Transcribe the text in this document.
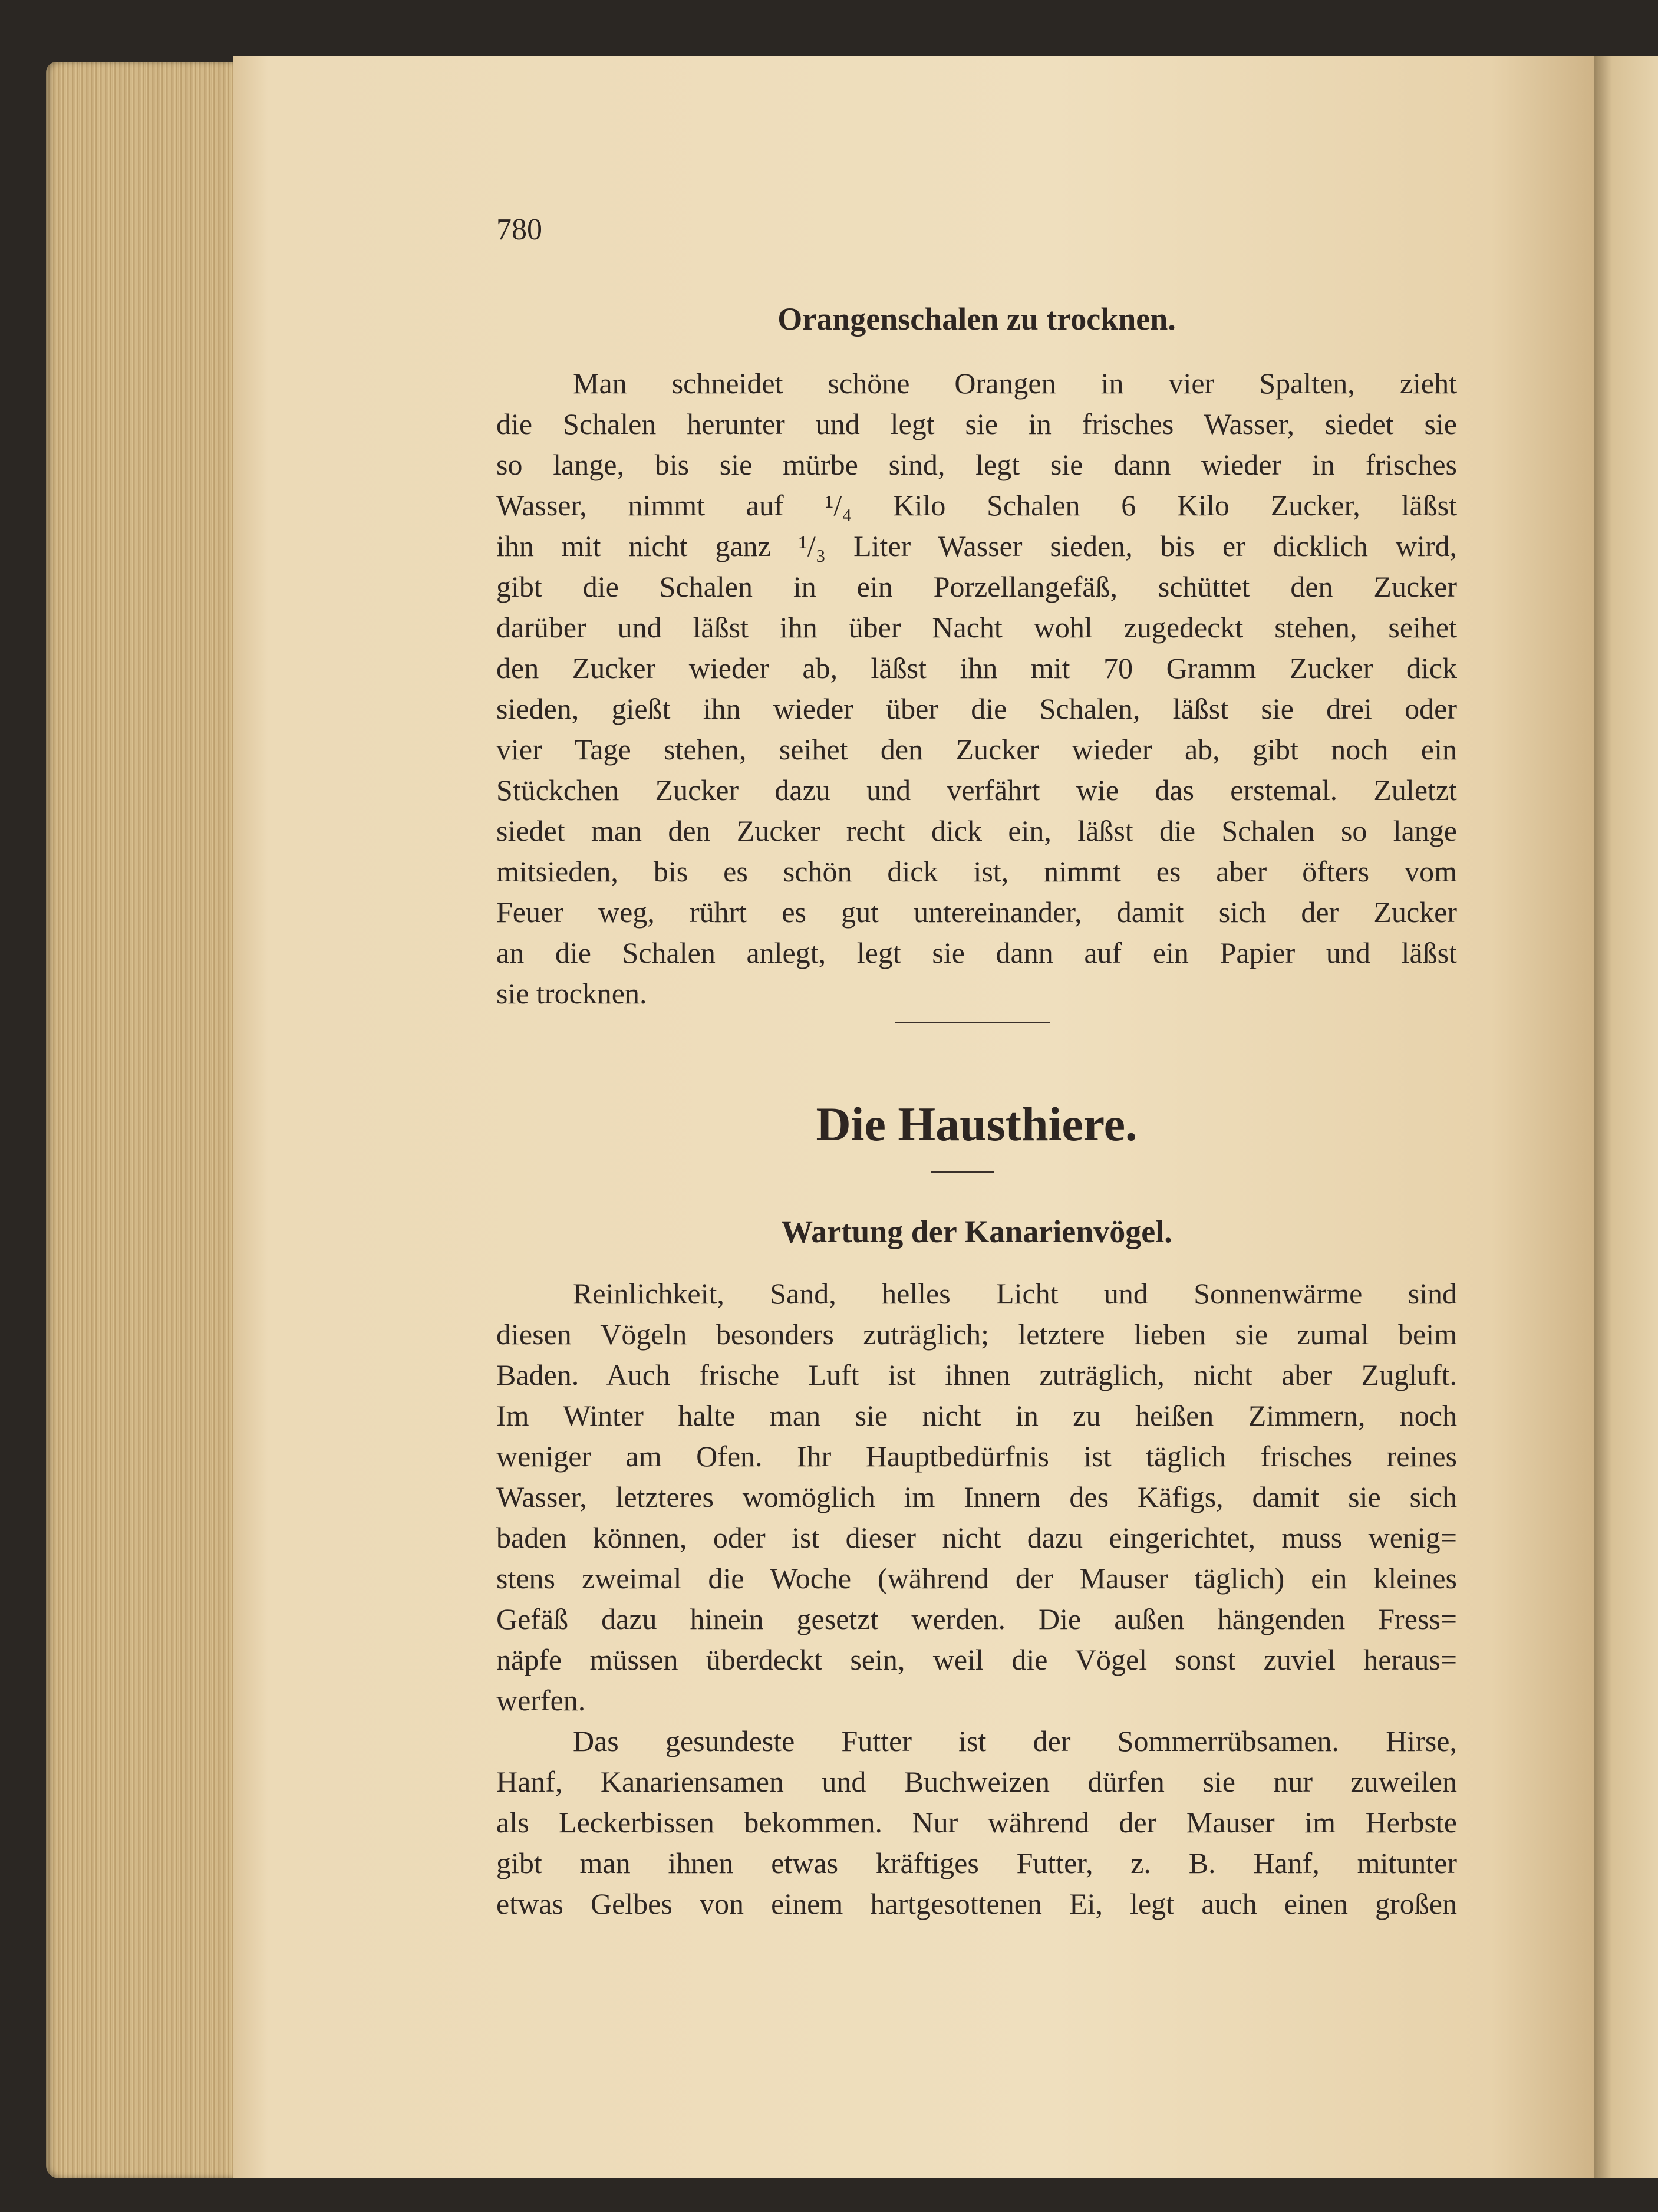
780
Orangenschalen zu trocknen.
Man schneidet schöne Orangen in vier Spalten, zieht
die Schalen herunter und legt sie in frisches Wasser, siedet sie
so lange, bis sie mürbe sind, legt sie dann wieder in frisches
Wasser, nimmt auf ¹/₄ Kilo Schalen 6 Kilo Zucker, läßst
ihn mit nicht ganz ¹/₃ Liter Wasser sieden, bis er dicklich wird,
gibt die Schalen in ein Porzellangefäß, schüttet den Zucker
darüber und läßst ihn über Nacht wohl zugedeckt stehen, seihet
den Zucker wieder ab, läßst ihn mit 70 Gramm Zucker dick
sieden, gießt ihn wieder über die Schalen, läßst sie drei oder
vier Tage stehen, seihet den Zucker wieder ab, gibt noch ein
Stückchen Zucker dazu und verfährt wie das erstemal. Zuletzt
siedet man den Zucker recht dick ein, läßst die Schalen so lange
mitsieden, bis es schön dick ist, nimmt es aber öfters vom
Feuer weg, rührt es gut untereinander, damit sich der Zucker
an die Schalen anlegt, legt sie dann auf ein Papier und läßst
sie trocknen.
Die Hausthiere.
Wartung der Kanarienvögel.
Reinlichkeit, Sand, helles Licht und Sonnenwärme sind
diesen Vögeln besonders zuträglich; letztere lieben sie zumal beim
Baden. Auch frische Luft ist ihnen zuträglich, nicht aber Zugluft.
Im Winter halte man sie nicht in zu heißen Zimmern, noch
weniger am Ofen. Ihr Hauptbedürfnis ist täglich frisches reines
Wasser, letzteres womöglich im Innern des Käfigs, damit sie sich
baden können, oder ist dieser nicht dazu eingerichtet, muss wenig=
stens zweimal die Woche (während der Mauser täglich) ein kleines
Gefäß dazu hinein gesetzt werden. Die außen hängenden Fress=
näpfe müssen überdeckt sein, weil die Vögel sonst zuviel heraus=
werfen.
Das gesundeste Futter ist der Sommerrübsamen. Hirse,
Hanf, Kanariensamen und Buchweizen dürfen sie nur zuweilen
als Leckerbissen bekommen. Nur während der Mauser im Herbste
gibt man ihnen etwas kräftiges Futter, z. B. Hanf, mitunter
etwas Gelbes von einem hartgesottenen Ei, legt auch einen großen
